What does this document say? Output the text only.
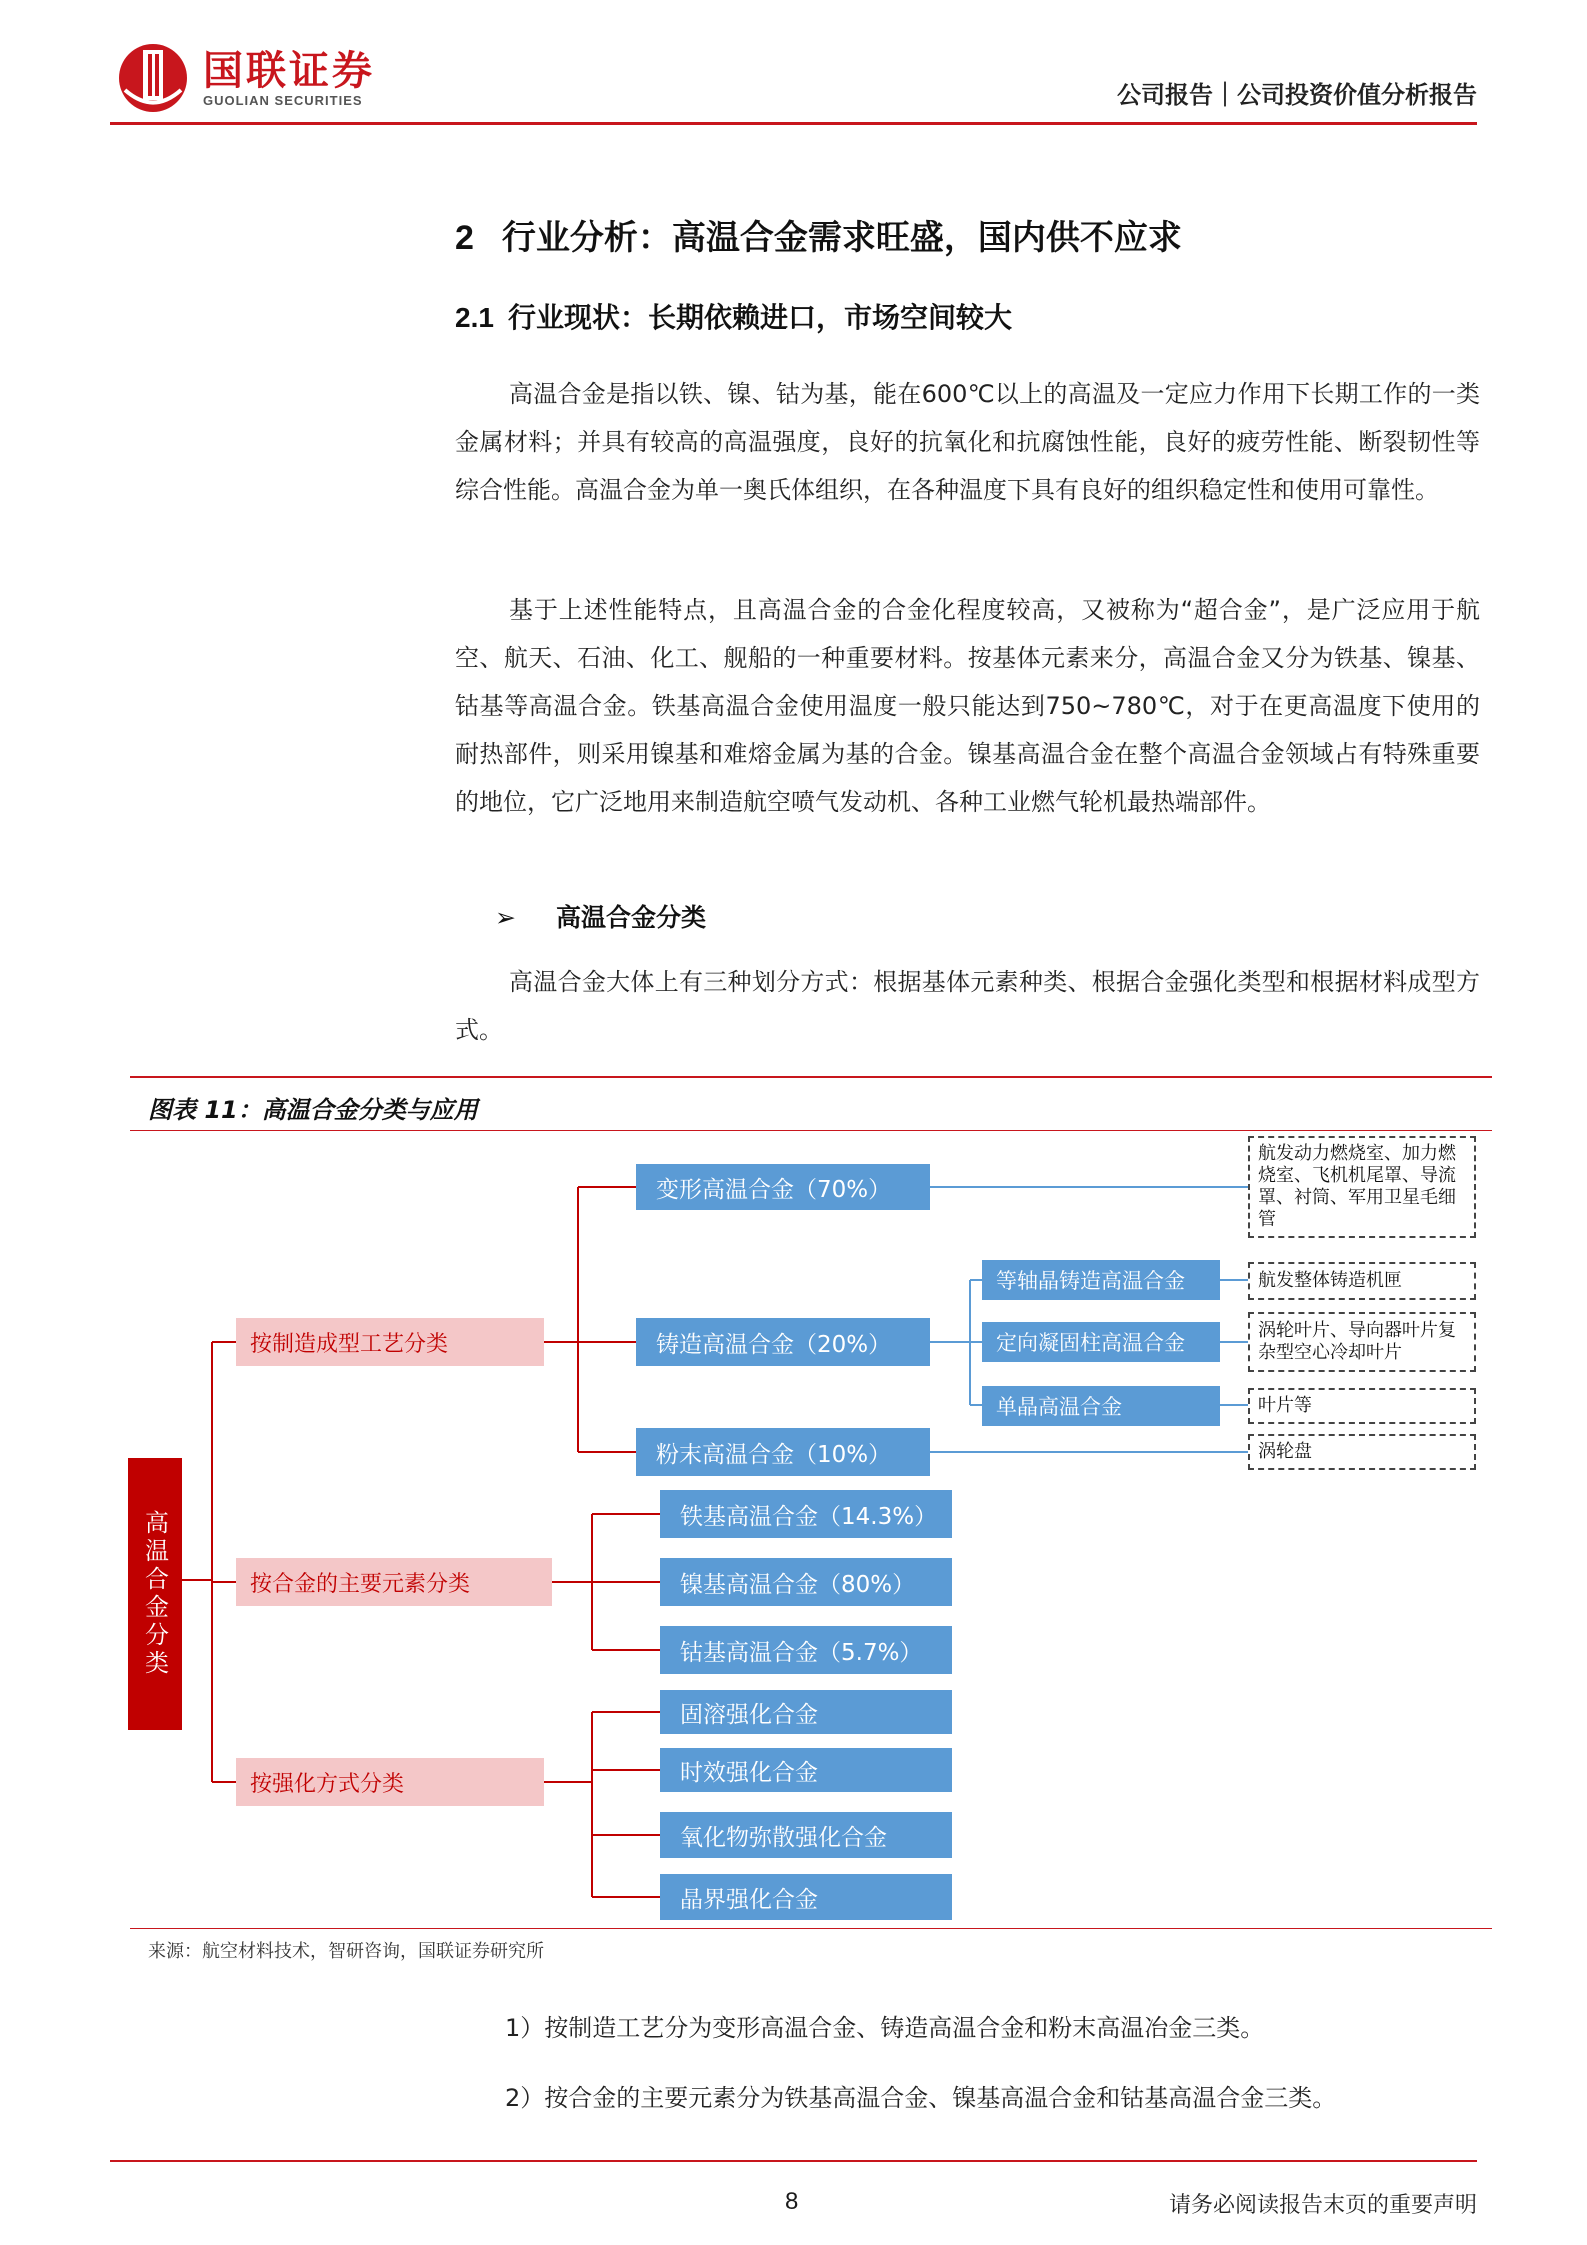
国联证券
GUOLIAN SECURITIES	公司报告｜公司投资价值分析报告
2 行业分析：高温合金需求旺盛，国内供不应求
2.1 行业现状：长期依赖进口，市场空间较大

高温合金是指以铁、镍、钴为基，能在600℃以上的高温及一定应力作用下长期工作的一类金属材料；并具有较高的高温强度，良好的抗氧化和抗腐蚀性能，良好的疲劳性能、断裂韧性等综合性能。高温合金为单一奥氏体组织，在各种温度下具有良好的组织稳定性和使用可靠性。

基于上述性能特点，且高温合金的合金化程度较高，又被称为“超合金”，是广泛应用于航空、航天、石油、化工、舰船的一种重要材料。按基体元素来分，高温合金又分为铁基、镍基、钴基等高温合金。铁基高温合金使用温度一般只能达到750~780℃，对于在更高温度下使用的耐热部件，则采用镍基和难熔金属为基的合金。镍基高温合金在整个高温合金领域占有特殊重要的地位，它广泛地用来制造航空喷气发动机、各种工业燃气轮机最热端部件。

➢ 高温合金分类

高温合金大体上有三种划分方式：根据基体元素种类、根据合金强化类型和根据材料成型方式。

图表 11：高温合金分类与应用
高温合金分类
按制造成型工艺分类
按合金的主要元素分类
按强化方式分类
变形高温合金（70%）
铸造高温合金（20%）
粉末高温合金（10%）
等轴晶铸造高温合金
定向凝固柱高温合金
单晶高温合金
航发动力燃烧室、加力燃烧室、飞机机尾罩、导流罩、衬筒、军用卫星毛细管
航发整体铸造机匣
涡轮叶片、导向器叶片复杂型空心冷却叶片
叶片等
涡轮盘
铁基高温合金（14.3%）
镍基高温合金（80%）
钴基高温合金（5.7%）
固溶强化合金
时效强化合金
氧化物弥散强化合金
晶界强化合金
来源：航空材料技术，智研咨询，国联证券研究所
1）按制造工艺分为变形高温合金、铸造高温合金和粉末高温冶金三类。
2）按合金的主要元素分为铁基高温合金、镍基高温合金和钴基高温合金三类。
8	请务必阅读报告末页的重要声明
